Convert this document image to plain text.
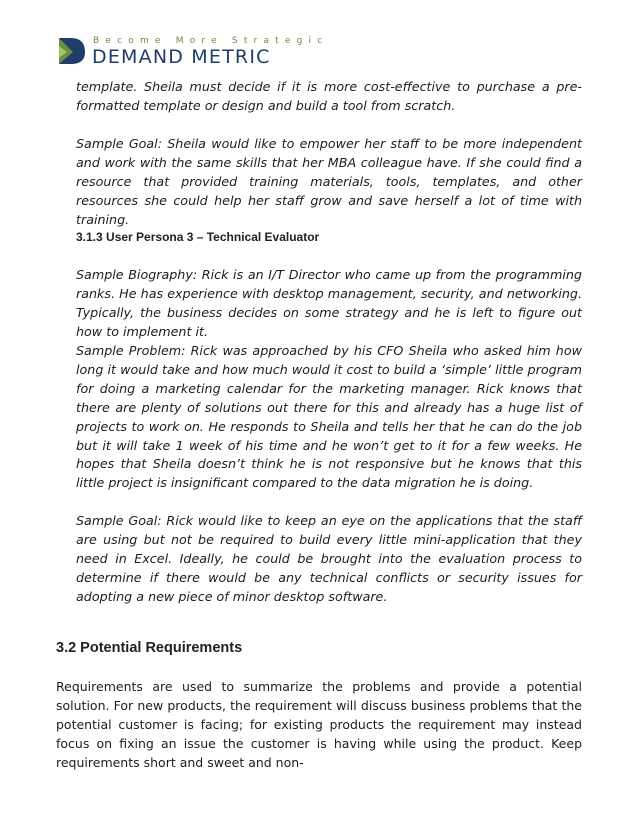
Become More Strategic
DEMAND METRIC

template. Sheila must decide if it is more cost-effective to purchase a pre-formatted template or design and build a tool from scratch.

Sample Goal: Sheila would like to empower her staff to be more independent and work with the same skills that her MBA colleague have. If she could find a resource that provided training materials, tools, templates, and other resources she could help her staff grow and save herself a lot of time with training.

3.1.3 User Persona 3 – Technical Evaluator

Sample Biography: Rick is an I/T Director who came up from the programming ranks. He has experience with desktop management, security, and networking. Typically, the business decides on some strategy and he is left to figure out how to implement it.

Sample Problem: Rick was approached by his CFO Sheila who asked him how long it would take and how much would it cost to build a ‘simple’ little program for doing a marketing calendar for the marketing manager. Rick knows that there are plenty of solutions out there for this and already has a huge list of projects to work on. He responds to Sheila and tells her that he can do the job but it will take 1 week of his time and he won’t get to it for a few weeks. He hopes that Sheila doesn’t think he is not responsive but he knows that this little project is insignificant compared to the data migration he is doing.

Sample Goal: Rick would like to keep an eye on the applications that the staff are using but not be required to build every little mini-application that they need in Excel. Ideally, he could be brought into the evaluation process to determine if there would be any technical conflicts or security issues for adopting a new piece of minor desktop software.

3.2 Potential Requirements

Requirements are used to summarize the problems and provide a potential solution. For new products, the requirement will discuss business problems that the potential customer is facing; for existing products the requirement may instead focus on fixing an issue the customer is having while using the product. Keep requirements short and sweet and non-
